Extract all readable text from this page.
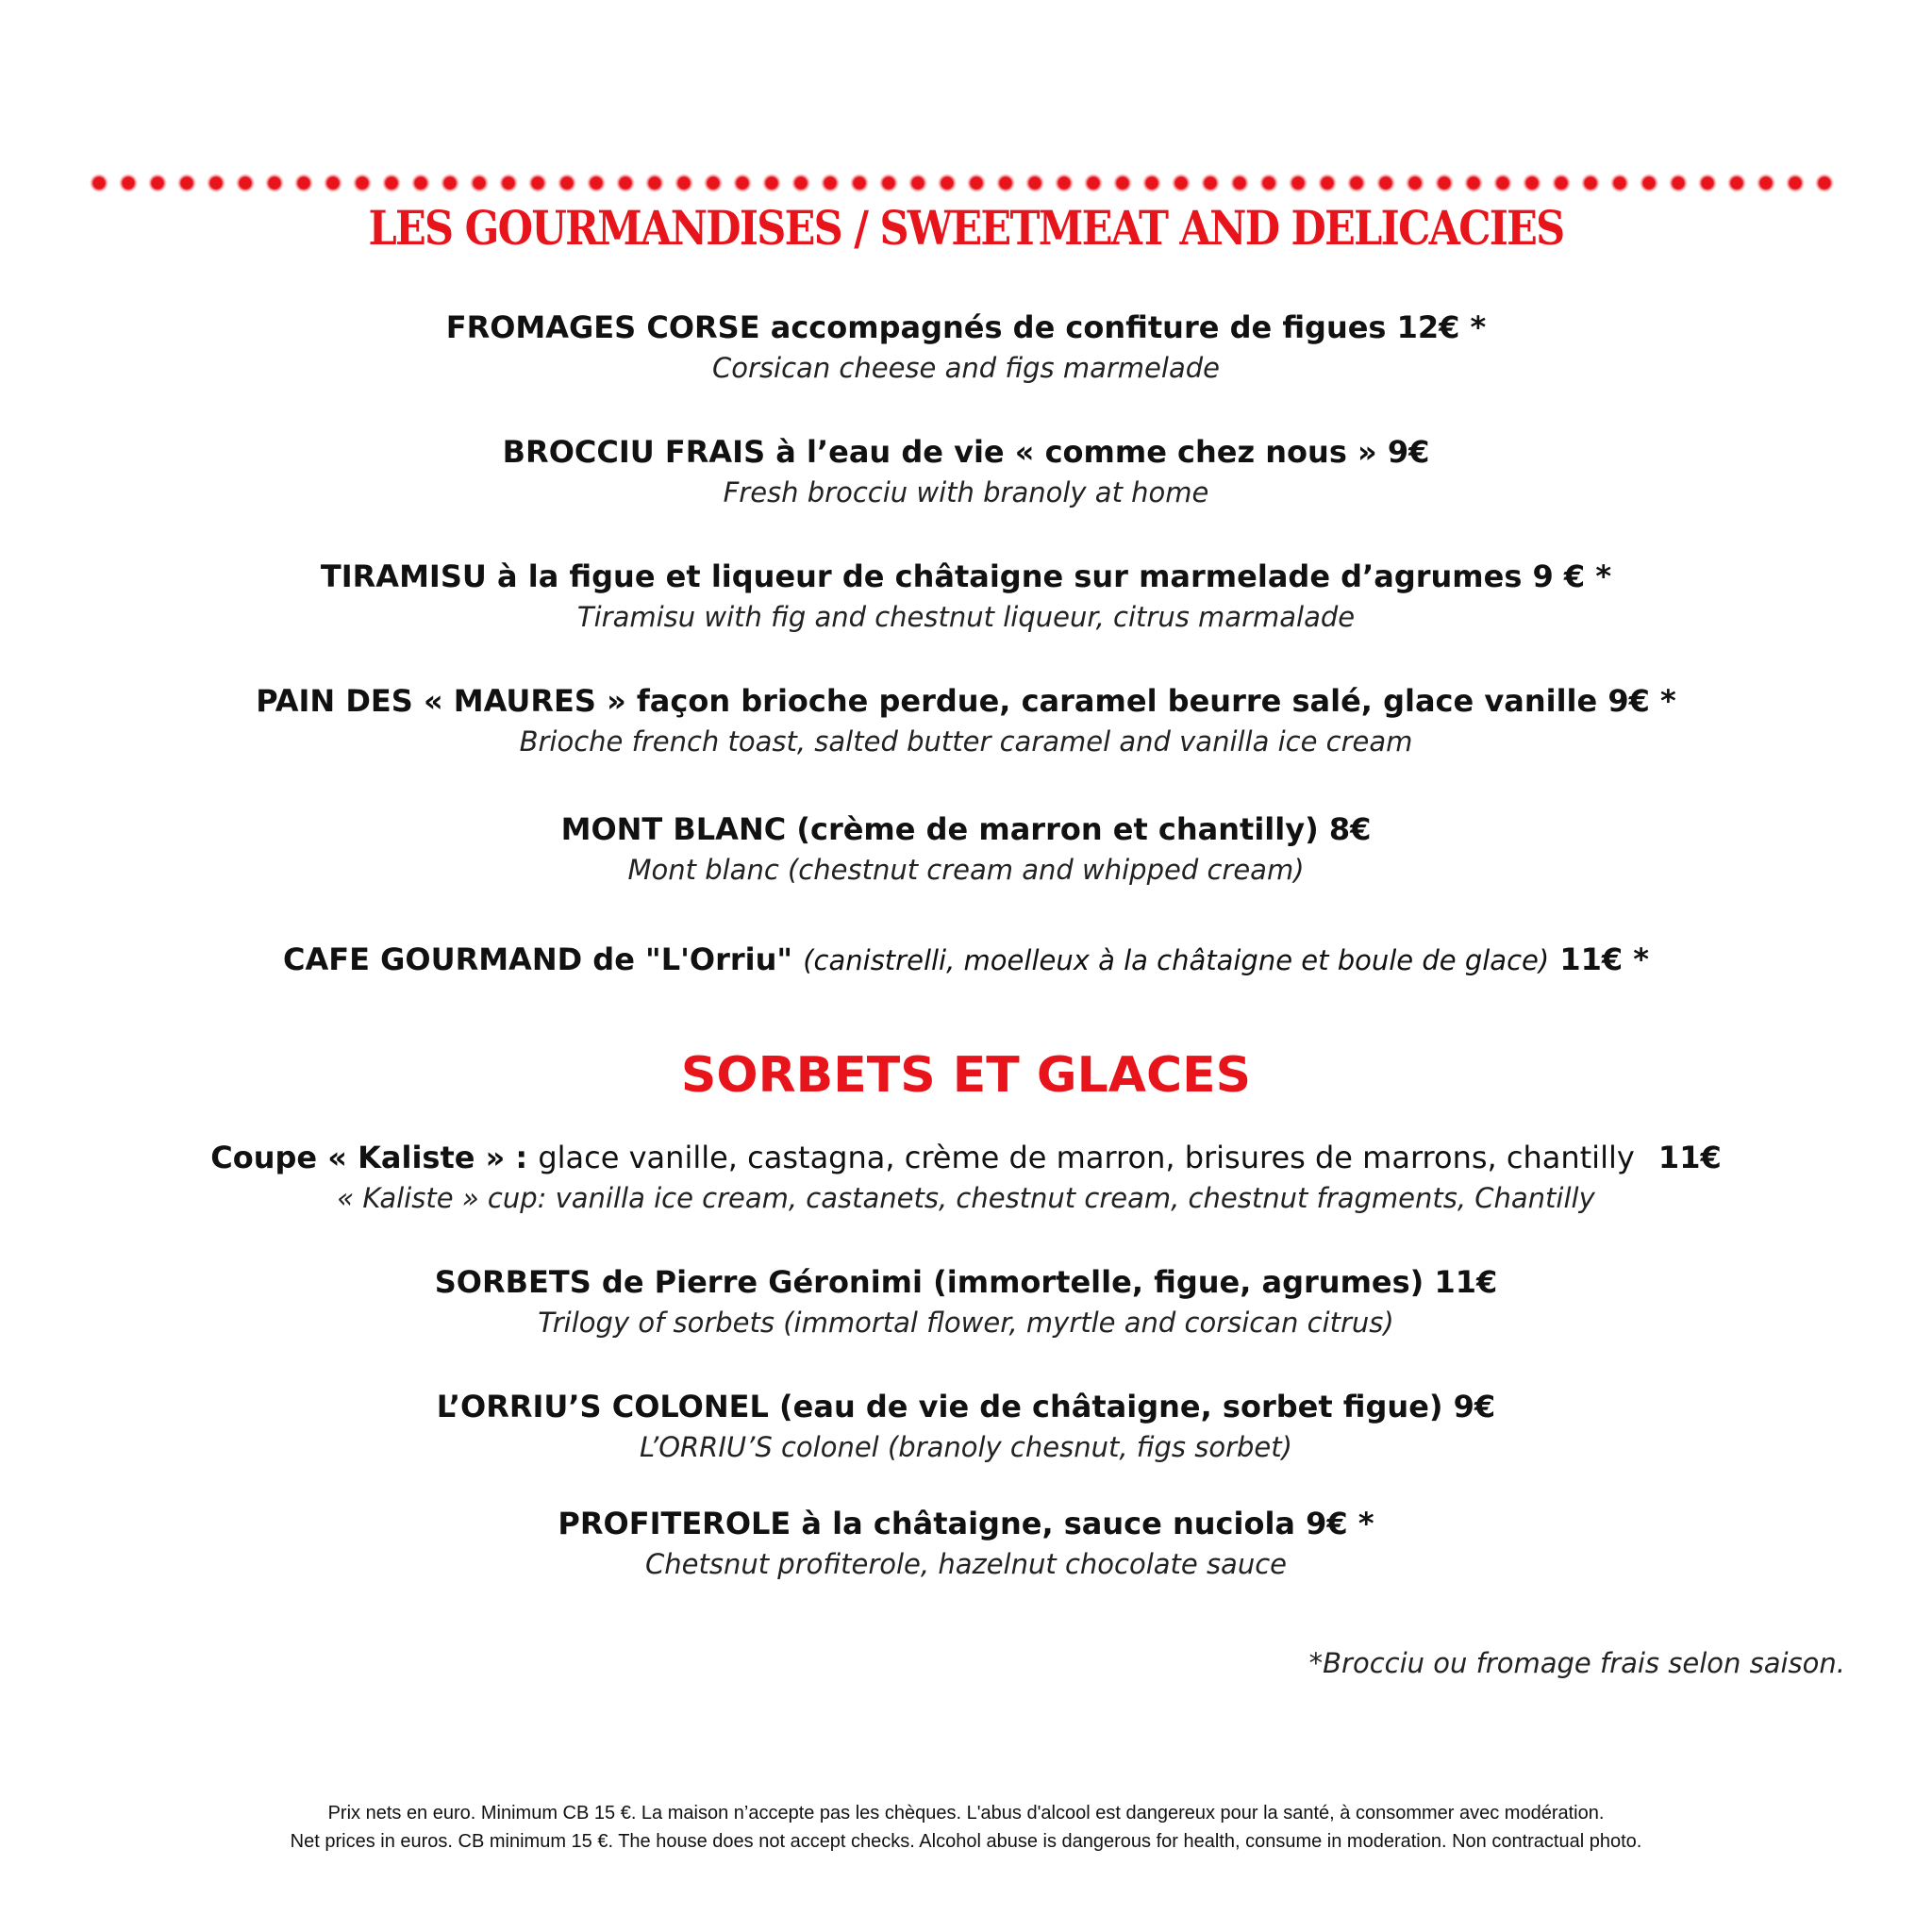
LES GOURMANDISES / SWEETMEAT AND DELICACIES
FROMAGES CORSE accompagnés de confiture de figues 12€ *
Corsican cheese and figs marmelade
BROCCIU FRAIS à l’eau de vie « comme chez nous » 9€
Fresh brocciu with branoly at home
TIRAMISU à la figue et liqueur de châtaigne sur marmelade d’agrumes 9 € *
Tiramisu with fig and chestnut liqueur, citrus marmalade
PAIN DES « MAURES » façon brioche perdue, caramel beurre salé, glace vanille 9€ *
Brioche french toast, salted butter caramel and vanilla ice cream
MONT BLANC (crème de marron et chantilly) 8€
Mont blanc (chestnut cream and whipped cream)
CAFE GOURMAND de "L'Orriu" (canistrelli, moelleux à la châtaigne et boule de glace) 11€ *
SORBETS ET GLACES
Coupe « Kaliste » : glace vanille, castagna, crème de marron, brisures de marrons, chantilly 11€
« Kaliste » cup: vanilla ice cream, castanets, chestnut cream, chestnut fragments, Chantilly
SORBETS de Pierre Géronimi (immortelle, figue, agrumes) 11€
Trilogy of sorbets (immortal flower, myrtle and corsican citrus)
L’ORRIU’S COLONEL (eau de vie de châtaigne, sorbet figue) 9€
L’ORRIU’S colonel (branoly chesnut, figs sorbet)
PROFITEROLE à la châtaigne, sauce nuciola 9€ *
Chetsnut profiterole, hazelnut chocolate sauce
*Brocciu ou fromage frais selon saison.
Prix nets en euro. Minimum CB 15 €. La maison n’accepte pas les chèques. L'abus d'alcool est dangereux pour la santé, à consommer avec modération.
Net prices in euros. CB minimum 15 €. The house does not accept checks. Alcohol abuse is dangerous for health, consume in moderation. Non contractual photo.
